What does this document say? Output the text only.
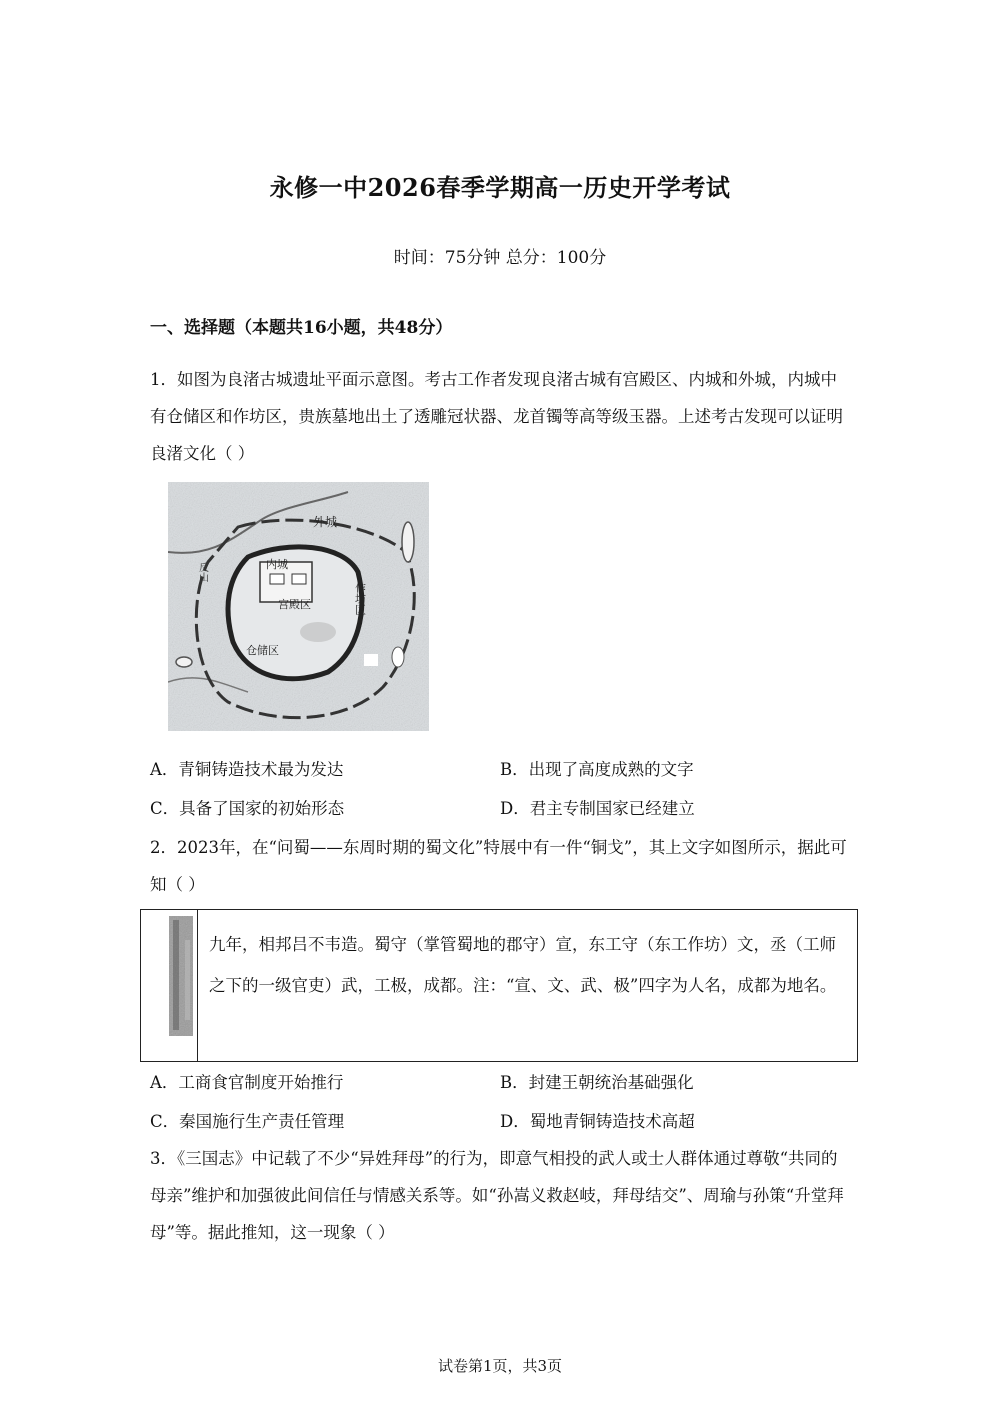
永修一中2026春季学期高一历史开学考试
时间：75分钟 总分：100分
一、选择题（本题共16小题，共48分）
1．如图为良渚古城遗址平面示意图。考古工作者发现良渚古城有宫殿区、内城和外城，内城中有仓储区和作坊区，贵族墓地出土了透雕冠状器、龙首镯等高等级玉器。上述考古发现可以证明良渚文化（ ）
外城
内城
宫殿区	作坊区
仓储区
反山
A．青铜铸造技术最为发达	B．出现了高度成熟的文字
C．具备了国家的初始形态	D．君主专制国家已经建立
2．2023年，在“问蜀——东周时期的蜀文化”特展中有一件“铜戈”，其上文字如图所示，据此可知（ ）
九年，相邦吕不韦造。蜀守（掌管蜀地的郡守）宣，东工守（东工作坊）文，丞（工师之下的一级官吏）武，工极，成都。注：“宣、文、武、极”四字为人名，成都为地名。
A．工商食官制度开始推行	B．封建王朝统治基础强化
C．秦国施行生产责任管理	D．蜀地青铜铸造技术高超
3．《三国志》中记载了不少“异姓拜母”的行为，即意气相投的武人或士人群体通过尊敬“共同的母亲”维护和加强彼此间信任与情感关系等。如“孙嵩义救赵岐，拜母结交”、周瑜与孙策“升堂拜母”等。据此推知，这一现象（ ）
试卷第1页，共3页
